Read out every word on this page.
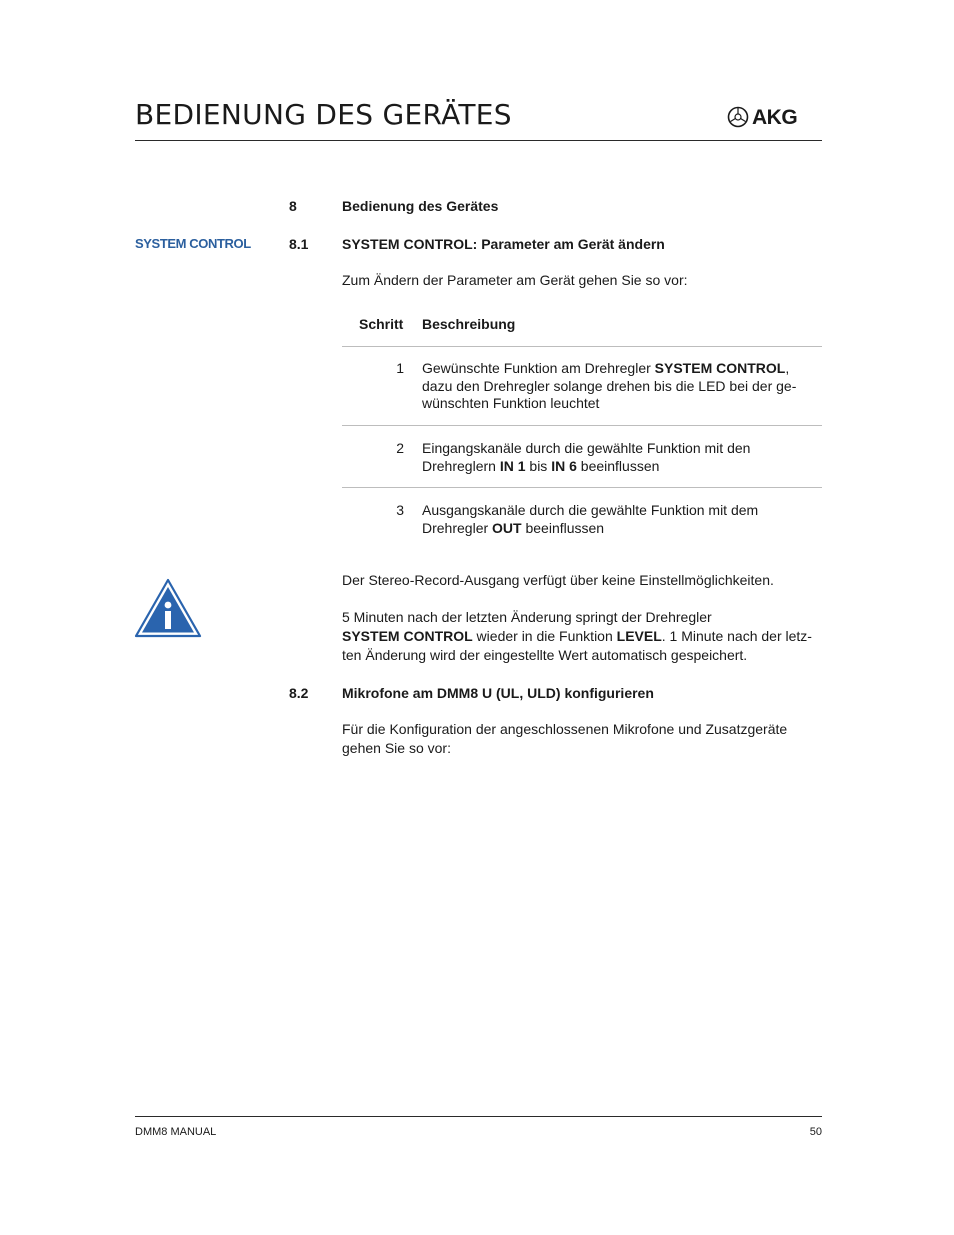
BEDIENUNG DES GERÄTES	AKG
8	Bedienung des Gerätes
SYSTEM CONTROL	8.1 SYSTEM CONTROL: Parameter am Gerät ändern
Zum Ändern der Parameter am Gerät gehen Sie so vor:
Schritt Beschreibung
1 Gewünschte Funktion am Drehregler SYSTEM CONTROL,
dazu den Drehregler solange drehen bis die LED bei der ge-
wünschten Funktion leuchtet
2 Eingangskanäle durch die gewählte Funktion mit den
Drehreglern IN 1 bis IN 6 beeinflussen
3 Ausgangskanäle durch die gewählte Funktion mit dem
Drehregler OUT beeinflussen
Der Stereo-Record-Ausgang verfügt über keine Einstellmöglichkeiten.
5 Minuten nach der letzten Änderung springt der Drehregler
SYSTEM CONTROL wieder in die Funktion LEVEL. 1 Minute nach der letz-
ten Änderung wird der eingestellte Wert automatisch gespeichert.
8.2 Mikrofone am DMM8 U (UL, ULD) konfigurieren
Für die Konfiguration der angeschlossenen Mikrofone und Zusatzgeräte
gehen Sie so vor:
DMM8 MANUAL	50
